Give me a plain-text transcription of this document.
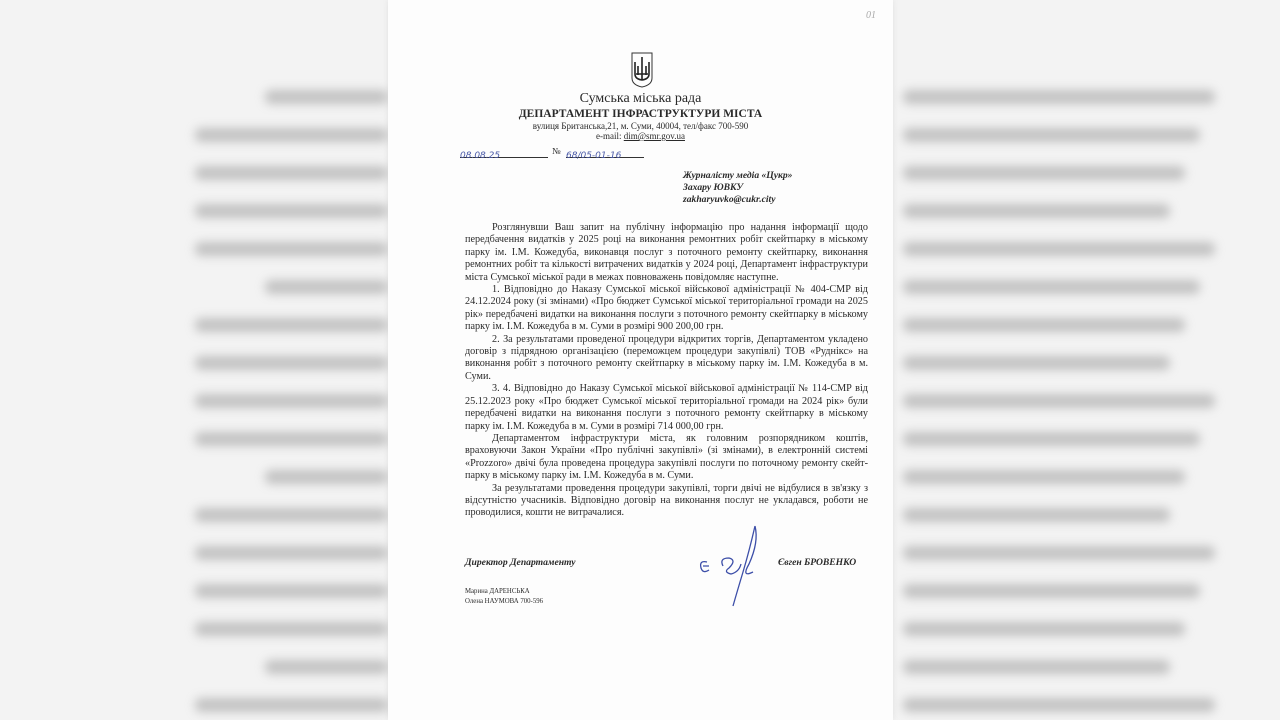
01
Сумська міська рада
ДЕПАРТАМЕНТ ІНФРАСТРУКТУРИ МІСТА
вулиця Британська,21, м. Суми, 40004, тел/факс 700-590
e-mail: dim@smr.gov.ua
08.08.25	№ 68/05-01-16
Журналісту медіа «Цукр»
Захару ЮВКУ
zakharyuvko@cukr.city

Розглянувши Ваш запит на публічну інформацію про надання інформації щодо передбачення видатків у 2025 році на виконання ремонтних робіт скейтпарку в міському парку ім. І.М. Кожедуба, виконавця послуг з поточного ремонту скейтпарку, виконання ремонтних робіт та кількості витрачених видатків у 2024 році, Департамент інфраструктури міста Сумської міської ради в межах повноважень повідомляє наступне.

1. Відповідно до Наказу Сумської міської військової адміністрації № 404-СМР від 24.12.2024 року (зі змінами) «Про бюджет Сумської міської територіальної громади на 2025 рік» передбачені видатки на виконання послуги з поточного ремонту скейтпарку в міському парку ім. І.М. Кожедуба в м. Суми в розмірі 900 200,00 грн.

2. За результатами проведеної процедури відкритих торгів, Департаментом укладено договір з підрядною організацією (переможцем процедури закупівлі) ТОВ «Руднікс» на виконання робіт з поточного ремонту скейтпарку в міському парку ім. І.М. Кожедуба в м. Суми.

3. 4. Відповідно до Наказу Сумської міської військової адміністрації № 114-СМР від 25.12.2023 року «Про бюджет Сумської міської територіальної громади на 2024 рік» були передбачені видатки на виконання послуги з поточного ремонту скейтпарку в міському парку ім. І.М. Кожедуба в м. Суми в розмірі 714 000,00 грн.

Департаментом інфраструктури міста, як головним розпорядником коштів, враховуючи Закон України «Про публічні закупівлі» (зі змінами), в електронній системі «Prozzoro» двічі була проведена процедура закупівлі послуги по поточному ремонту скейт-парку в міському парку ім. І.М. Кожедуба в м. Суми.

За результатами проведення процедури закупівлі, торги двічі не відбулися в зв'язку з відсутністю учасників. Відповідно договір на виконання послуг не укладався, роботи не проводилися, кошти не витрачалися.

Директор Департаменту	Євген БРОВЕНКО
Марина ДАРЕНСЬКА
Олена НАУМОВА 700-596
